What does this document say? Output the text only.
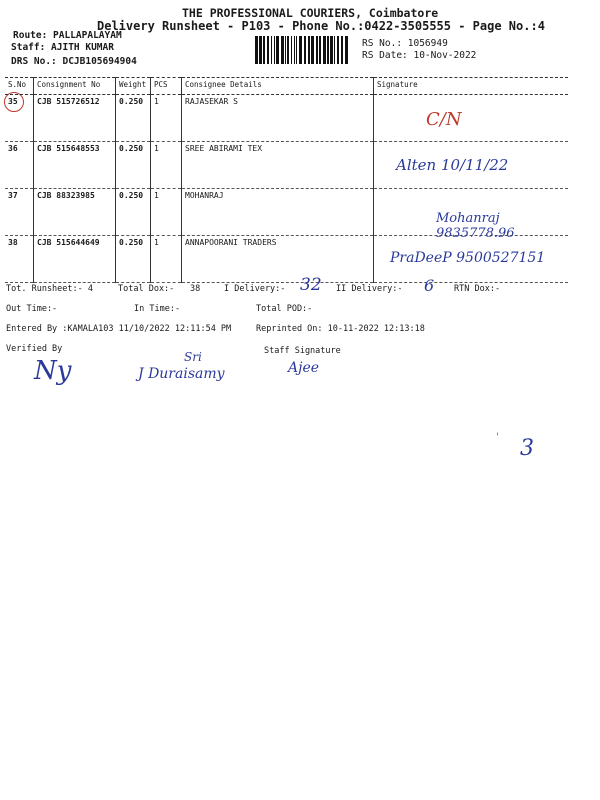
THE PROFESSIONAL COURIERS, Coimbatore
Delivery Runsheet - P103 - Phone No.:0422-3505555 - Page No.:4
Route: PALLAPALAYAM
Staff: AJITH KUMAR
DRS No.: DCJB105694904
RS No.: 1056949
RS Date: 10-Nov-2022
S.No	Consignment No	Weight	PCS	Consignee Details	Signature
35	CJB 515726512	0.250	1	RAJASEKAR S	C/N

36	CJB 515648553	0.250	1	SREE ABIRAMI TEX	Alten 10/11/22

37	CJB 88323985	0.250	1	MOHANRAJ	Mohanraj 9835778.96

38	CJB 515644649	0.250	1	ANNAPOORANI TRADERS	PraDeeP 9500527151
Tot. Runsheet:- 4	Total Dox:- 38	I Delivery:- 32 II Delivery:- 6 RTN Dox:-
Out Time:-	In Time:-	Total POD:-
Entered By :KAMALA103 11/10/2022 12:11:54 PM	Reprinted On: 10-11-2022 12:13:18
Verified By	Staff Signature
Ny	Sri
J Duraisamy	Ajee
' 3
